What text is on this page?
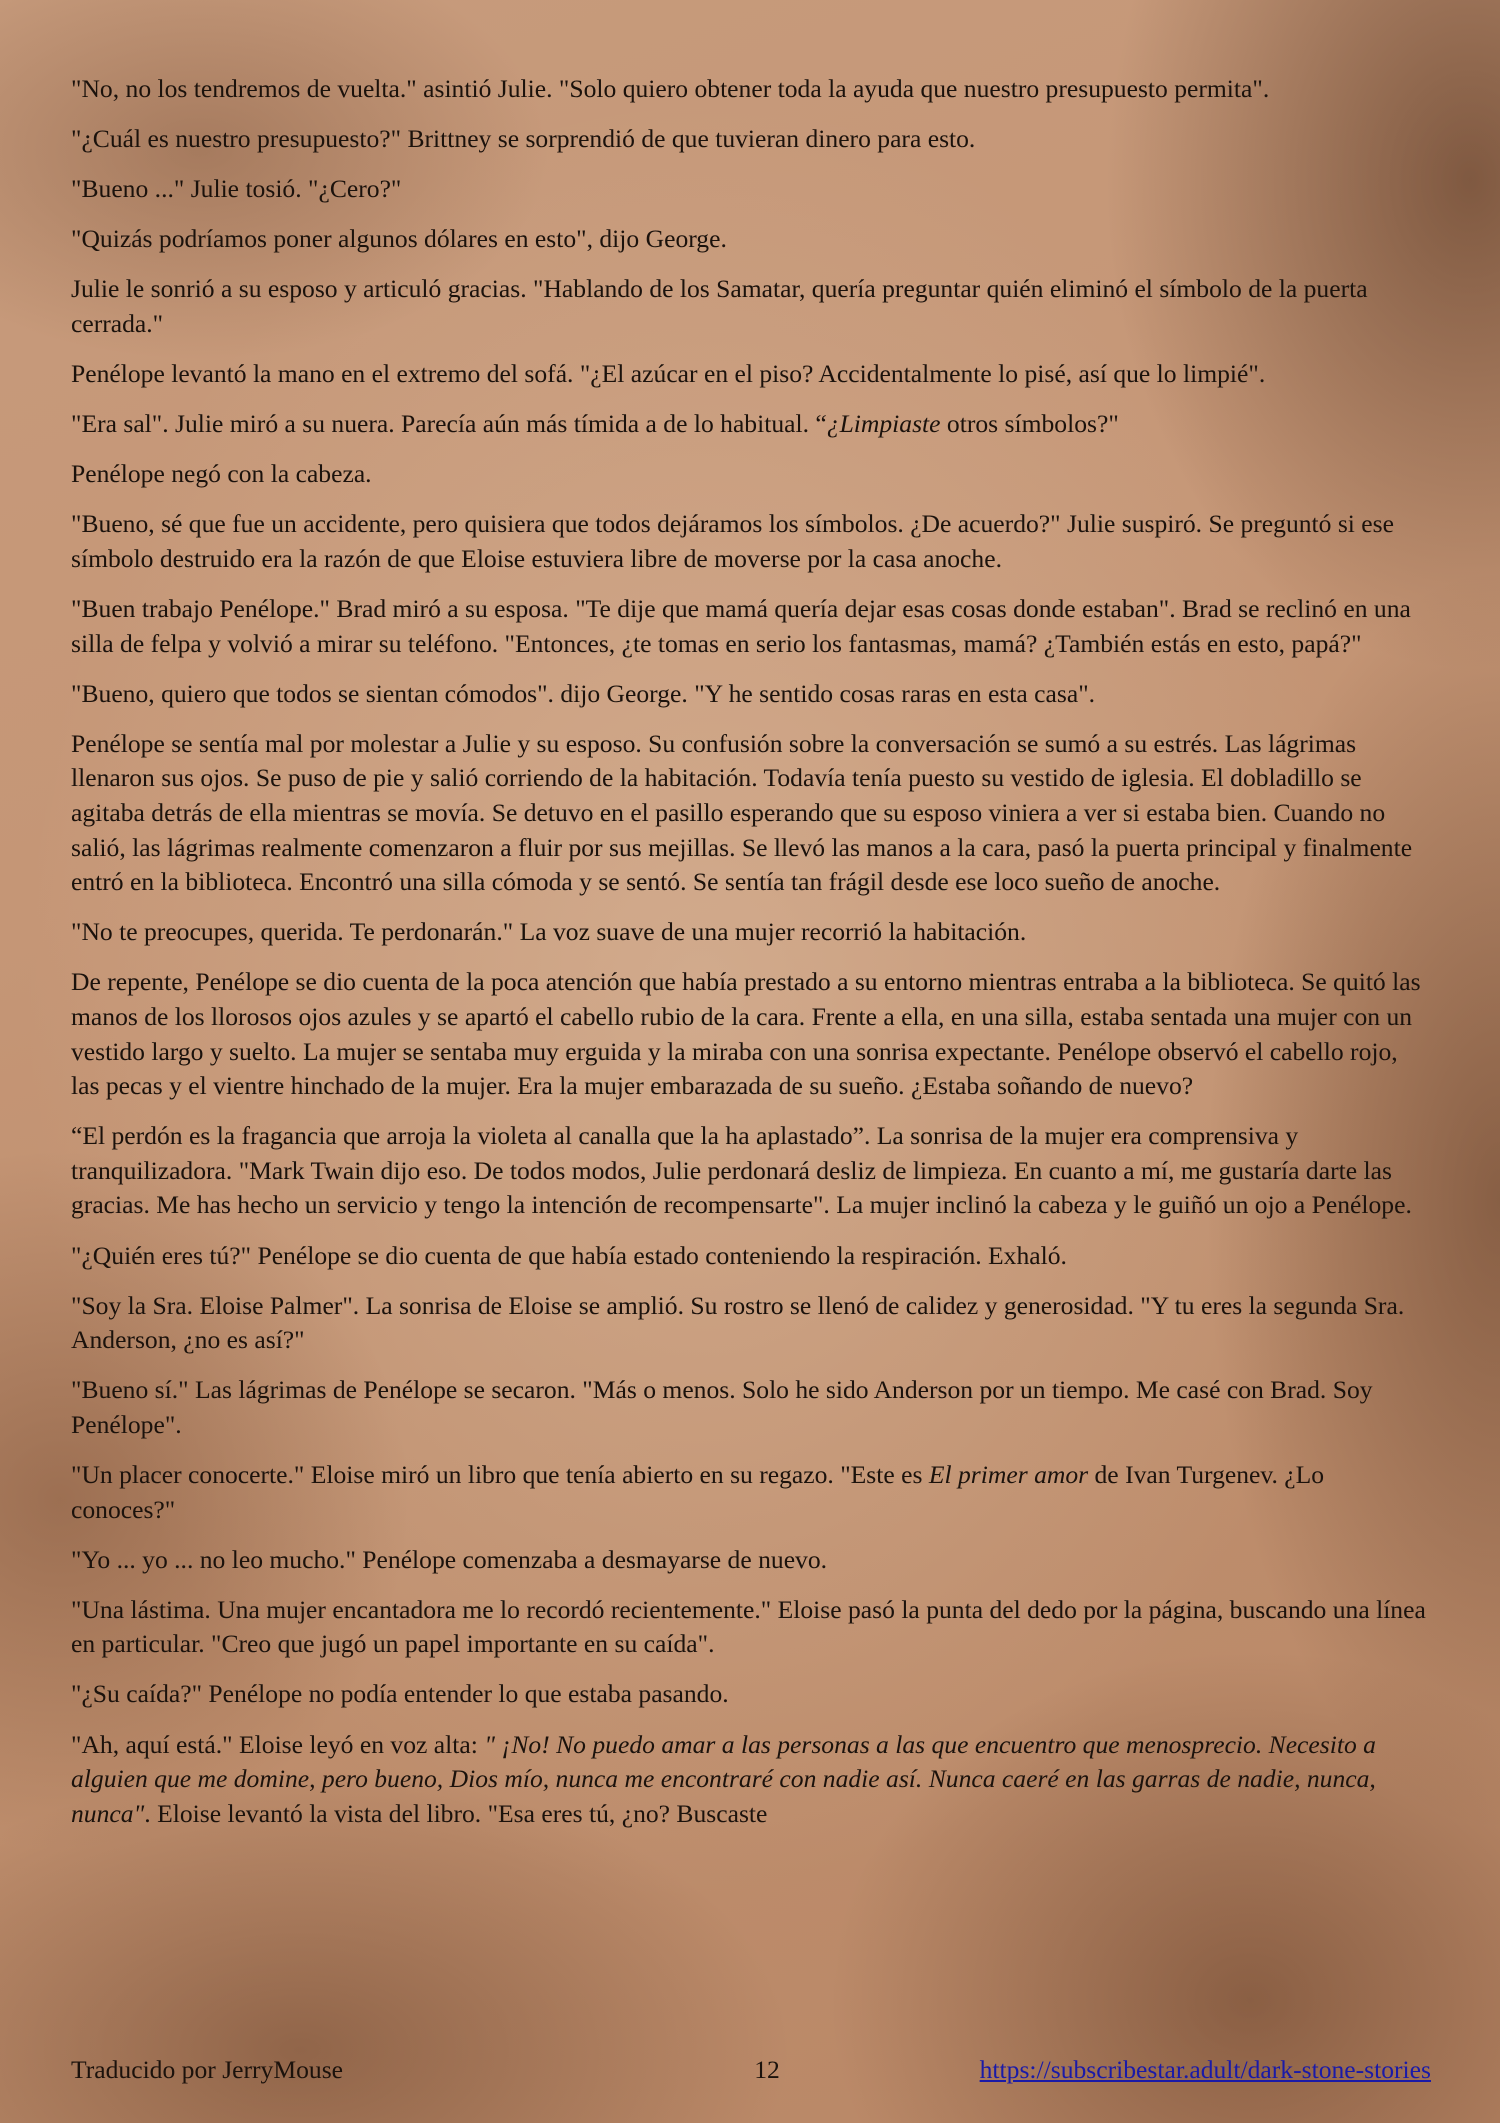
"No, no los tendremos de vuelta." asintió Julie. "Solo quiero obtener toda la ayuda que nuestro presupuesto permita".

"¿Cuál es nuestro presupuesto?" Brittney se sorprendió de que tuvieran dinero para esto.

"Bueno ..." Julie tosió. "¿Cero?"

"Quizás podríamos poner algunos dólares en esto", dijo George.

Julie le sonrió a su esposo y articuló gracias. "Hablando de los Samatar, quería preguntar quién eliminó el símbolo de la puerta cerrada."

Penélope levantó la mano en el extremo del sofá. "¿El azúcar en el piso? Accidentalmente lo pisé, así que lo limpié".

"Era sal". Julie miró a su nuera. Parecía aún más tímida a de lo habitual. “¿Limpiaste otros símbolos?"

Penélope negó con la cabeza.

"Bueno, sé que fue un accidente, pero quisiera que todos dejáramos los símbolos. ¿De acuerdo?" Julie suspiró. Se preguntó si ese símbolo destruido era la razón de que Eloise estuviera libre de moverse por la casa anoche.

"Buen trabajo Penélope." Brad miró a su esposa. "Te dije que mamá quería dejar esas cosas donde estaban". Brad se reclinó en una silla de felpa y volvió a mirar su teléfono. "Entonces, ¿te tomas en serio los fantasmas, mamá? ¿También estás en esto, papá?"

"Bueno, quiero que todos se sientan cómodos". dijo George. "Y he sentido cosas raras en esta casa".

Penélope se sentía mal por molestar a Julie y su esposo. Su confusión sobre la conversación se sumó a su estrés. Las lágrimas llenaron sus ojos. Se puso de pie y salió corriendo de la habitación. Todavía tenía puesto su vestido de iglesia. El dobladillo se agitaba detrás de ella mientras se movía. Se detuvo en el pasillo esperando que su esposo viniera a ver si estaba bien. Cuando no salió, las lágrimas realmente comenzaron a fluir por sus mejillas. Se llevó las manos a la cara, pasó la puerta principal y finalmente entró en la biblioteca. Encontró una silla cómoda y se sentó. Se sentía tan frágil desde ese loco sueño de anoche.

"No te preocupes, querida. Te perdonarán." La voz suave de una mujer recorrió la habitación.

De repente, Penélope se dio cuenta de la poca atención que había prestado a su entorno mientras entraba a la biblioteca. Se quitó las manos de los llorosos ojos azules y se apartó el cabello rubio de la cara. Frente a ella, en una silla, estaba sentada una mujer con un vestido largo y suelto. La mujer se sentaba muy erguida y la miraba con una sonrisa expectante. Penélope observó el cabello rojo, las pecas y el vientre hinchado de la mujer. Era la mujer embarazada de su sueño. ¿Estaba soñando de nuevo?

“El perdón es la fragancia que arroja la violeta al canalla que la ha aplastado”. La sonrisa de la mujer era comprensiva y tranquilizadora. "Mark Twain dijo eso. De todos modos, Julie perdonará desliz de limpieza. En cuanto a mí, me gustaría darte las gracias. Me has hecho un servicio y tengo la intención de recompensarte". La mujer inclinó la cabeza y le guiñó un ojo a Penélope.

"¿Quién eres tú?" Penélope se dio cuenta de que había estado conteniendo la respiración. Exhaló.

"Soy la Sra. Eloise Palmer". La sonrisa de Eloise se amplió. Su rostro se llenó de calidez y generosidad. "Y tu eres la segunda Sra. Anderson, ¿no es así?"

"Bueno sí." Las lágrimas de Penélope se secaron. "Más o menos. Solo he sido Anderson por un tiempo. Me casé con Brad. Soy Penélope".

"Un placer conocerte." Eloise miró un libro que tenía abierto en su regazo. "Este es El primer amor de Ivan Turgenev. ¿Lo conoces?"

"Yo ... yo ... no leo mucho." Penélope comenzaba a desmayarse de nuevo.

"Una lástima. Una mujer encantadora me lo recordó recientemente." Eloise pasó la punta del dedo por la página, buscando una línea en particular. "Creo que jugó un papel importante en su caída".

"¿Su caída?" Penélope no podía entender lo que estaba pasando.

"Ah, aquí está." Eloise leyó en voz alta: " ¡No! No puedo amar a las personas a las que encuentro que menosprecio. Necesito a alguien que me domine, pero bueno, Dios mío, nunca me encontraré con nadie así. Nunca caeré en las garras de nadie, nunca, nunca". Eloise levantó la vista del libro. "Esa eres tú, ¿no? Buscaste

Traducido por JerryMouse	12	https://subscribestar.adult/dark-stone-stories
